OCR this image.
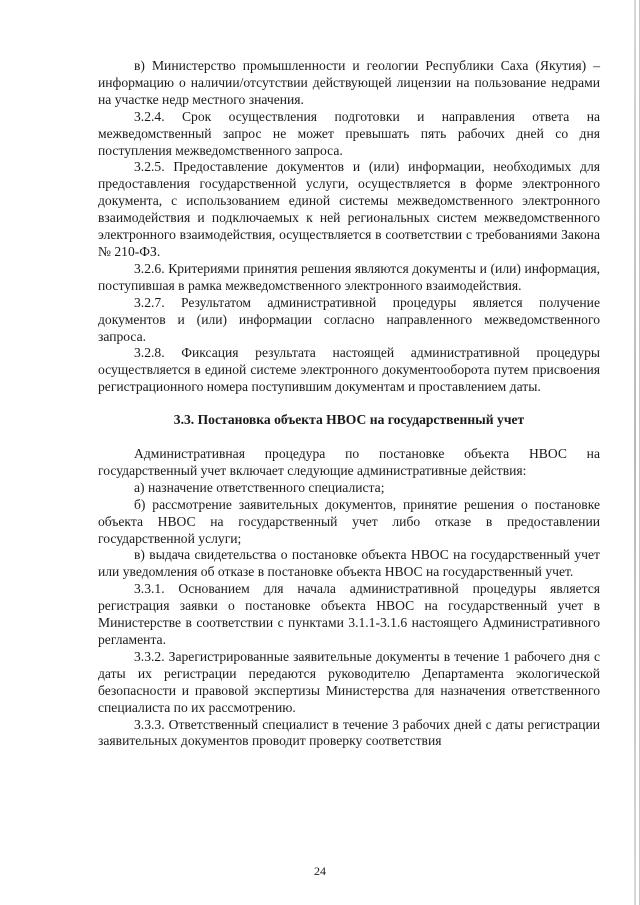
в) Министерство промышленности и геологии Республики Саха (Якутия) – информацию о наличии/отсутствии действующей лицензии на пользование недрами на участке недр местного значения.

3.2.4. Срок осуществления подготовки и направления ответа на межведомственный запрос не может превышать пять рабочих дней со дня поступления межведомственного запроса.

3.2.5. Предоставление документов и (или) информации, необходимых для предоставления государственной услуги, осуществляется в форме электронного документа, с использованием единой системы межведомственного электронного взаимодействия и подключаемых к ней региональных систем межведомственного электронного взаимодействия, осуществляется в соответствии с требованиями Закона № 210-ФЗ.

3.2.6. Критериями принятия решения являются документы и (или) информация, поступившая в рамка межведомственного электронного взаимодействия.

3.2.7. Результатом административной процедуры является получение документов и (или) информации согласно направленного межведомственного запроса.

3.2.8. Фиксация результата настоящей административной процедуры осуществляется в единой системе электронного документооборота путем присвоения регистрационного номера поступившим документам и проставлением даты.

3.3. Постановка объекта НВОС на государственный учет

Административная процедура по постановке объекта НВОС на государственный учет включает следующие административные действия:

а) назначение ответственного специалиста;

б) рассмотрение заявительных документов, принятие решения о постановке объекта НВОС на государственный учет либо отказе в предоставлении государственной услуги;

в) выдача свидетельства о постановке объекта НВОС на государственный учет или уведомления об отказе в постановке объекта НВОС на государственный учет.

3.3.1. Основанием для начала административной процедуры является регистрация заявки о постановке объекта НВОС на государственный учет в Министерстве в соответствии с пунктами 3.1.1-3.1.6 настоящего Административного регламента.

3.3.2. Зарегистрированные заявительные документы в течение 1 рабочего дня с даты их регистрации передаются руководителю Департамента экологической безопасности и правовой экспертизы Министерства для назначения ответственного специалиста по их рассмотрению.

3.3.3. Ответственный специалист в течение 3 рабочих дней с даты регистрации заявительных документов проводит проверку соответствия

24
